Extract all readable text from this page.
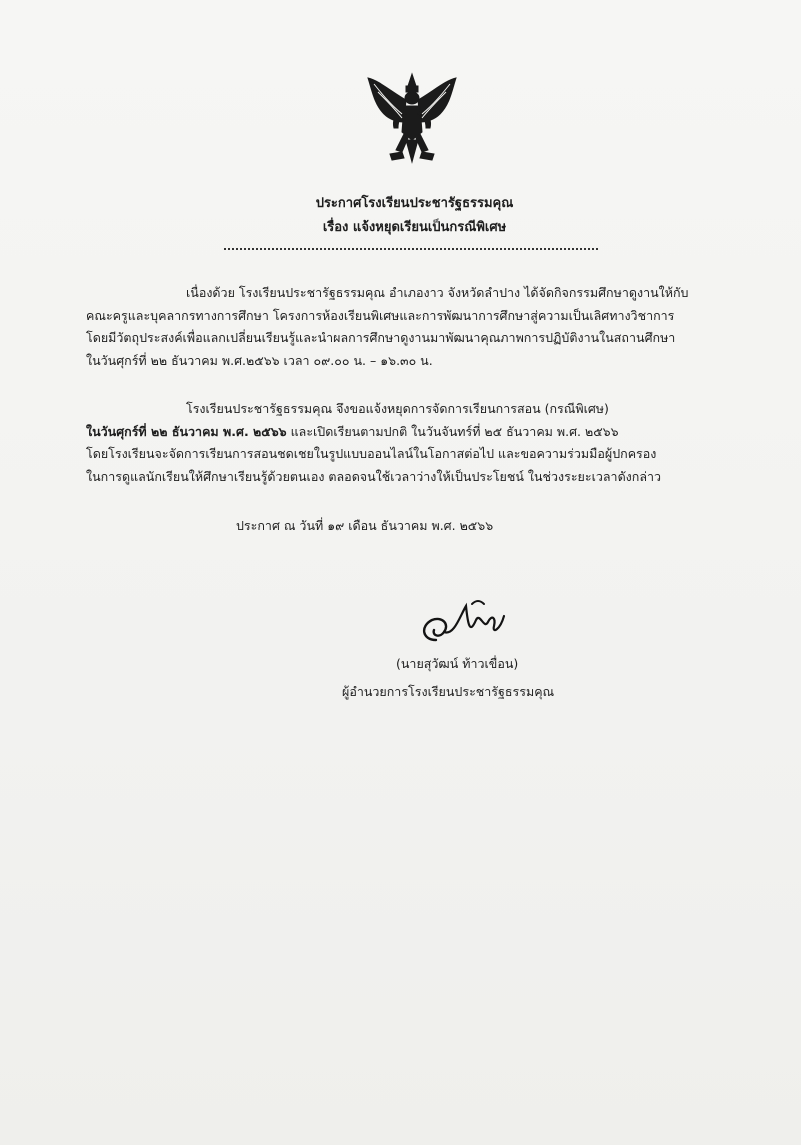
ประกาศโรงเรียนประชารัฐธรรมคุณ
เรื่อง แจ้งหยุดเรียนเป็นกรณีพิเศษ
เนื่องด้วย โรงเรียนประชารัฐธรรมคุณ อำเภองาว จังหวัดลำปาง ได้จัดกิจกรรมศึกษาดูงานให้กับ
คณะครูและบุคลากรทางการศึกษา โครงการห้องเรียนพิเศษและการพัฒนาการศึกษาสู่ความเป็นเลิศทางวิชาการ
โดยมีวัตถุประสงค์เพื่อแลกเปลี่ยนเรียนรู้และนำผลการศึกษาดูงานมาพัฒนาคุณภาพการปฏิบัติงานในสถานศึกษา
ในวันศุกร์ที่ ๒๒ ธันวาคม พ.ศ.๒๕๖๖ เวลา ๐๙.๐๐ น. – ๑๖.๓๐ น.
โรงเรียนประชารัฐธรรมคุณ จึงขอแจ้งหยุดการจัดการเรียนการสอน (กรณีพิเศษ)
ในวันศุกร์ที่ ๒๒ ธันวาคม พ.ศ. ๒๕๖๖ และเปิดเรียนตามปกติ ในวันจันทร์ที่ ๒๕ ธันวาคม พ.ศ. ๒๕๖๖
โดยโรงเรียนจะจัดการเรียนการสอนชดเชยในรูปแบบออนไลน์ในโอกาสต่อไป และขอความร่วมมือผู้ปกครอง
ในการดูแลนักเรียนให้ศึกษาเรียนรู้ด้วยตนเอง ตลอดจนใช้เวลาว่างให้เป็นประโยชน์ ในช่วงระยะเวลาดังกล่าว
ประกาศ ณ วันที่ ๑๙ เดือน ธันวาคม พ.ศ. ๒๕๖๖
(นายสุวัฒน์ ท้าวเขื่อน)
ผู้อำนวยการโรงเรียนประชารัฐธรรมคุณ
